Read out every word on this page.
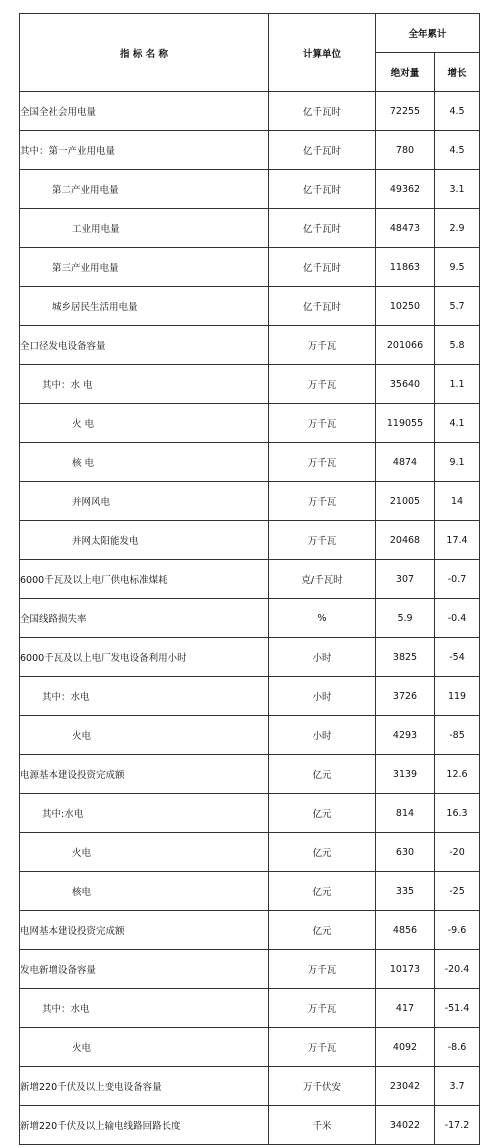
指 标 名 称	计算单位	全年累计	
		绝对量	增长
全国全社会用电量	亿千瓦时	72255	4.5
其中：第一产业用电量	亿千瓦时	780	4.5
第二产业用电量	亿千瓦时	49362	3.1
工业用电量	亿千瓦时	48473	2.9
第三产业用电量	亿千瓦时	11863	9.5
城乡居民生活用电量	亿千瓦时	10250	5.7
全口径发电设备容量	万千瓦	201066	5.8
其中：水 电	万千瓦	35640	1.1
火 电	万千瓦	119055	4.1
核 电	万千瓦	4874	9.1
并网风电	万千瓦	21005	14
并网太阳能发电	万千瓦	20468	17.4
6000千瓦及以上电厂供电标准煤耗	克/千瓦时	307	-0.7
全国线路损失率	%	5.9	-0.4
6000千瓦及以上电厂发电设备利用小时	小时	3825	-54
其中：水电	小时	3726	119
火电	小时	4293	-85
电源基本建设投资完成额	亿元	3139	12.6
其中:水电	亿元	814	16.3
火电	亿元	630	-20
核电	亿元	335	-25
电网基本建设投资完成额	亿元	4856	-9.6
发电新增设备容量	万千瓦	10173	-20.4
其中：水电	万千瓦	417	-51.4
火电	万千瓦	4092	-8.6
新增220千伏及以上变电设备容量	万千伏安	23042	3.7
新增220千伏及以上输电线路回路长度	千米	34022	-17.2
